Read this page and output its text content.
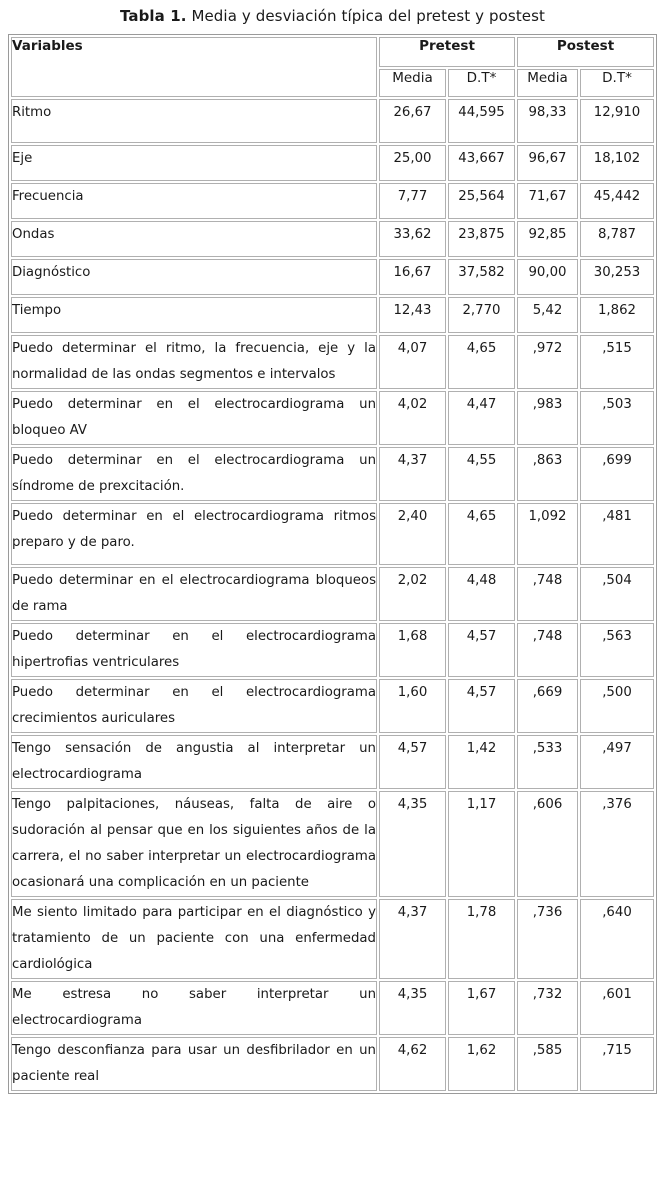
Tabla 1. Media y desviación típica del pretest y postest
Variables	Pretest		Postest	
	Media	D.T*	Media	D.T*
Ritmo	26,67	44,595	98,33	12,910
Eje	25,00	43,667	96,67	18,102
Frecuencia	7,77	25,564	71,67	45,442
Ondas	33,62	23,875	92,85	8,787
Diagnóstico	16,67	37,582	90,00	30,253
Tiempo	12,43	2,770	5,42	1,862
Puedo determinar el ritmo, la frecuencia, eje y la normalidad de las ondas segmentos e intervalos	4,07	4,65	,972	,515
Puedo determinar en el electrocardiograma un bloqueo AV	4,02	4,47	,983	,503
Puedo determinar en el electrocardiograma un síndrome de prexcitación.	4,37	4,55	,863	,699
Puedo determinar en el electrocardiograma ritmos preparo y de paro.	2,40	4,65	1,092	,481
Puedo determinar en el electrocardiograma bloqueos de rama	2,02	4,48	,748	,504
Puedo determinar en el electrocardiograma hipertrofias ventriculares	1,68	4,57	,748	,563
Puedo determinar en el electrocardiograma crecimientos auriculares	1,60	4,57	,669	,500
Tengo sensación de angustia al interpretar un electrocardiograma	4,57	1,42	,533	,497
Tengo palpitaciones, náuseas, falta de aire o sudoración al pensar que en los siguientes años de la carrera, el no saber interpretar un electrocardiograma ocasionará una complicación en un paciente	4,35	1,17	,606	,376
Me siento limitado para participar en el diagnóstico y tratamiento de un paciente con una enfermedad cardiológica	4,37	1,78	,736	,640
Me estresa no saber interpretar un electrocardiograma	4,35	1,67	,732	,601
Tengo desconfianza para usar un desfibrilador en un paciente real	4,62	1,62	,585	,715
